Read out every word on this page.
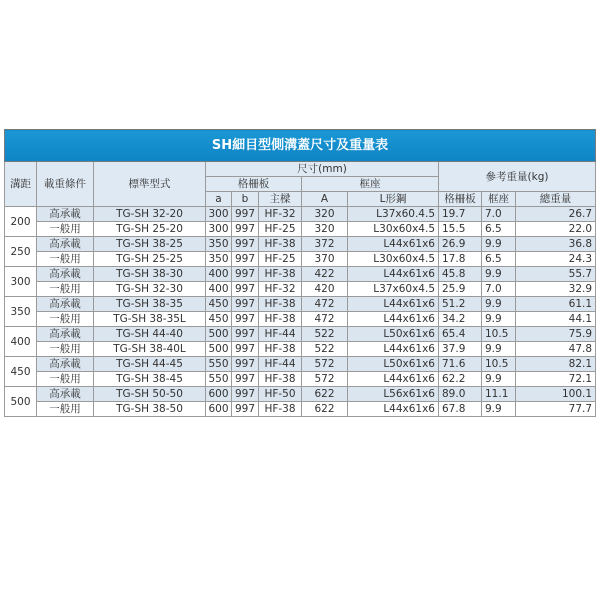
SH細目型側溝蓋尺寸及重量表										
溝距	載重條件	標準型式	尺寸(mm)					參考重量(kg)		
			格柵板			框座				
			a	b	主樑	A	L形鋼	格柵板	框座	總重量
200	高承載	TG-SH 32-20	300	997	HF-32	320	L37x60.4.5	19.7	7.0	26.7
	一般用	TG-SH 25-20	300	997	HF-25	320	L30x60x4.5	15.5	6.5	22.0
250	高承載	TG-SH 38-25	350	997	HF-38	372	L44x61x6	26.9	9.9	36.8
	一般用	TG-SH 25-25	350	997	HF-25	370	L30x60x4.5	17.8	6.5	24.3
300	高承載	TG-SH 38-30	400	997	HF-38	422	L44x61x6	45.8	9.9	55.7
	一般用	TG-SH 32-30	400	997	HF-32	420	L37x60x4.5	25.9	7.0	32.9
350	高承載	TG-SH 38-35	450	997	HF-38	472	L44x61x6	51.2	9.9	61.1
	一般用	TG-SH 38-35L	450	997	HF-38	472	L44x61x6	34.2	9.9	44.1
400	高承載	TG-SH 44-40	500	997	HF-44	522	L50x61x6	65.4	10.5	75.9
	一般用	TG-SH 38-40L	500	997	HF-38	522	L44x61x6	37.9	9.9	47.8
450	高承載	TG-SH 44-45	550	997	HF-44	572	L50x61x6	71.6	10.5	82.1
	一般用	TG-SH 38-45	550	997	HF-38	572	L44x61x6	62.2	9.9	72.1
500	高承載	TG-SH 50-50	600	997	HF-50	622	L56x61x6	89.0	11.1	100.1
	一般用	TG-SH 38-50	600	997	HF-38	622	L44x61x6	67.8	9.9	77.7
